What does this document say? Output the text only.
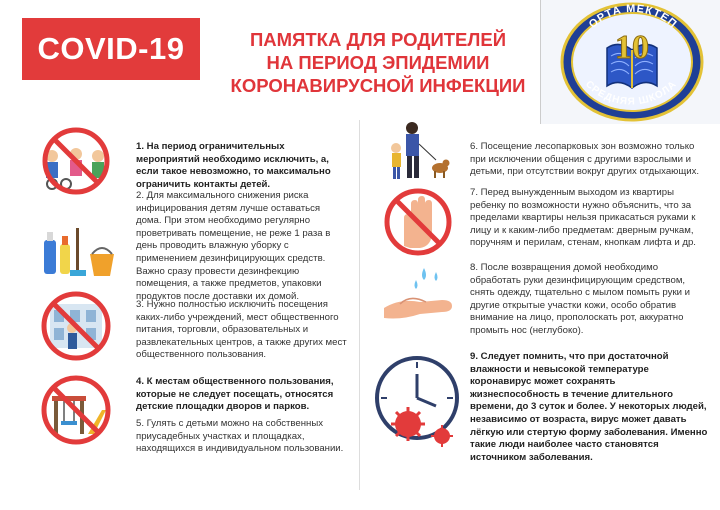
COVID-19	ПАМЯТКА ДЛЯ РОДИТЕЛЕЙ
НА ПЕРИОД ЭПИДЕМИИ
КОРОНАВИРУСНОЙ ИНФЕКЦИИ
ОРТА МЕКТЕП
10
СРЕДНЯЯ ШКОЛА
1. На период ограничительных мероприятий необходимо исключить, а, если такое невозможно, то максимально ограничить контакты детей.
2. Для максимального снижения риска инфицирования детям лучше оставаться дома. При этом необходимо регулярно проветривать помещение, не реже 1 раза в день проводить влажную уборку с применением дезинфицирующих средств. Важно сразу провести дезинфекцию помещения, а также предметов, упаковки продуктов после доставки их домой.
3. Нужно полностью исключить посещения каких-либо учреждений, мест общественного питания, торговли, образовательных и развлекательных центров, а также других мест общественного пользования.
4. К местам общественного пользования, которые не следует посещать, относятся детские площадки дворов и парков.
5. Гулять с детьми можно на собственных приусадебных участках и площадках, находящихся в индивидуальном пользовании.
6. Посещение лесопарковых зон возможно только при исключении общения с другими взрослыми и детьми, при отсутствии вокруг других отдыхающих.
7. Перед вынужденным выходом из квартиры ребенку по возможности нужно объяснить, что за пределами квартиры нельзя прикасаться руками к лицу и к каким-либо предметам: дверным ручкам, поручням и перилам, стенам, кнопкам лифта и др.
8. После возвращения домой необходимо обработать руки дезинфицирующим средством, снять одежду, тщательно с мылом помыть руки и другие открытые участки кожи, особо обратив внимание на лицо, прополоскать рот, аккуратно промыть нос (неглубоко).
9. Следует помнить, что при достаточной влажности и невысокой температуре коронавирус может сохранять жизнеспособность в течение длительного времени, до 3 суток и более. У некоторых людей, независимо от возраста, вирус может давать лёгкую или стертую форму заболевания. Именно такие люди наиболее часто становятся источником заболевания.
